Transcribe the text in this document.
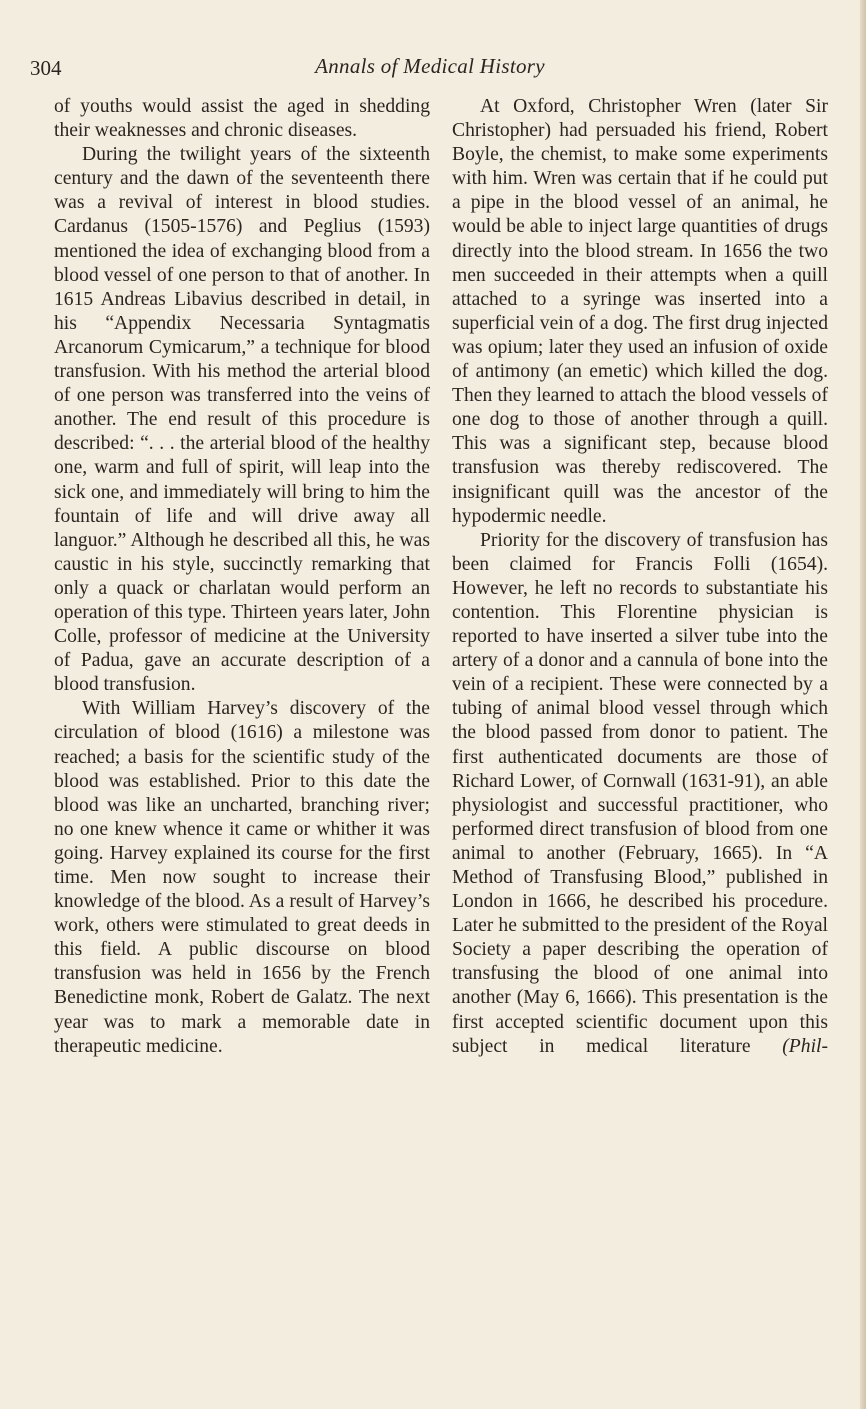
304	Annals of Medical History

of youths would assist the aged in shedding their weaknesses and chronic diseases.

During the twilight years of the sixteenth century and the dawn of the seventeenth there was a revival of interest in blood studies. Cardanus (1505-1576) and Peglius (1593) mentioned the idea of exchanging blood from a blood vessel of one person to that of another. In 1615 Andreas Libavius described in detail, in his “Appendix Necessaria Syntagmatis Arcanorum Cymicarum,” a technique for blood transfusion. With his method the arterial blood of one person was transferred into the veins of another. The end result of this procedure is described: “. . . the arterial blood of the healthy one, warm and full of spirit, will leap into the sick one, and immediately will bring to him the fountain of life and will drive away all languor.” Although he described all this, he was caustic in his style, succinctly remarking that only a quack or charlatan would perform an operation of this type. Thirteen years later, John Colle, professor of medicine at the University of Padua, gave an accurate description of a blood transfusion.

With William Harvey’s discovery of the circulation of blood (1616) a milestone was reached; a basis for the scientific study of the blood was established. Prior to this date the blood was like an uncharted, branching river; no one knew whence it came or whither it was going. Harvey explained its course for the first time. Men now sought to increase their knowledge of the blood. As a result of Harvey’s work, others were stimulated to great deeds in this field. A public discourse on blood transfusion was held in 1656 by the French Benedictine monk, Robert de Galatz. The next year was to mark a memorable date in therapeutic medicine.

At Oxford, Christopher Wren (later Sir Christopher) had persuaded his friend, Robert Boyle, the chemist, to make some experiments with him. Wren was certain that if he could put a pipe in the blood vessel of an animal, he would be able to inject large quantities of drugs directly into the blood stream. In 1656 the two men succeeded in their attempts when a quill attached to a syringe was inserted into a superficial vein of a dog. The first drug injected was opium; later they used an infusion of oxide of antimony (an emetic) which killed the dog. Then they learned to attach the blood vessels of one dog to those of another through a quill. This was a significant step, because blood transfusion was thereby rediscovered. The insignificant quill was the ancestor of the hypodermic needle.

Priority for the discovery of transfusion has been claimed for Francis Folli (1654). However, he left no records to substantiate his contention. This Florentine physician is reported to have inserted a silver tube into the artery of a donor and a cannula of bone into the vein of a recipient. These were connected by a tubing of animal blood vessel through which the blood passed from donor to patient. The first authenticated documents are those of Richard Lower, of Cornwall (1631-91), an able physiologist and successful practitioner, who performed direct transfusion of blood from one animal to another (February, 1665). In “A Method of Transfusing Blood,” published in London in 1666, he described his procedure. Later he submitted to the president of the Royal Society a paper describing the operation of transfusing the blood of one animal into another (May 6, 1666). This presentation is the first accepted scientific document upon this subject in medical literature (Phil-
